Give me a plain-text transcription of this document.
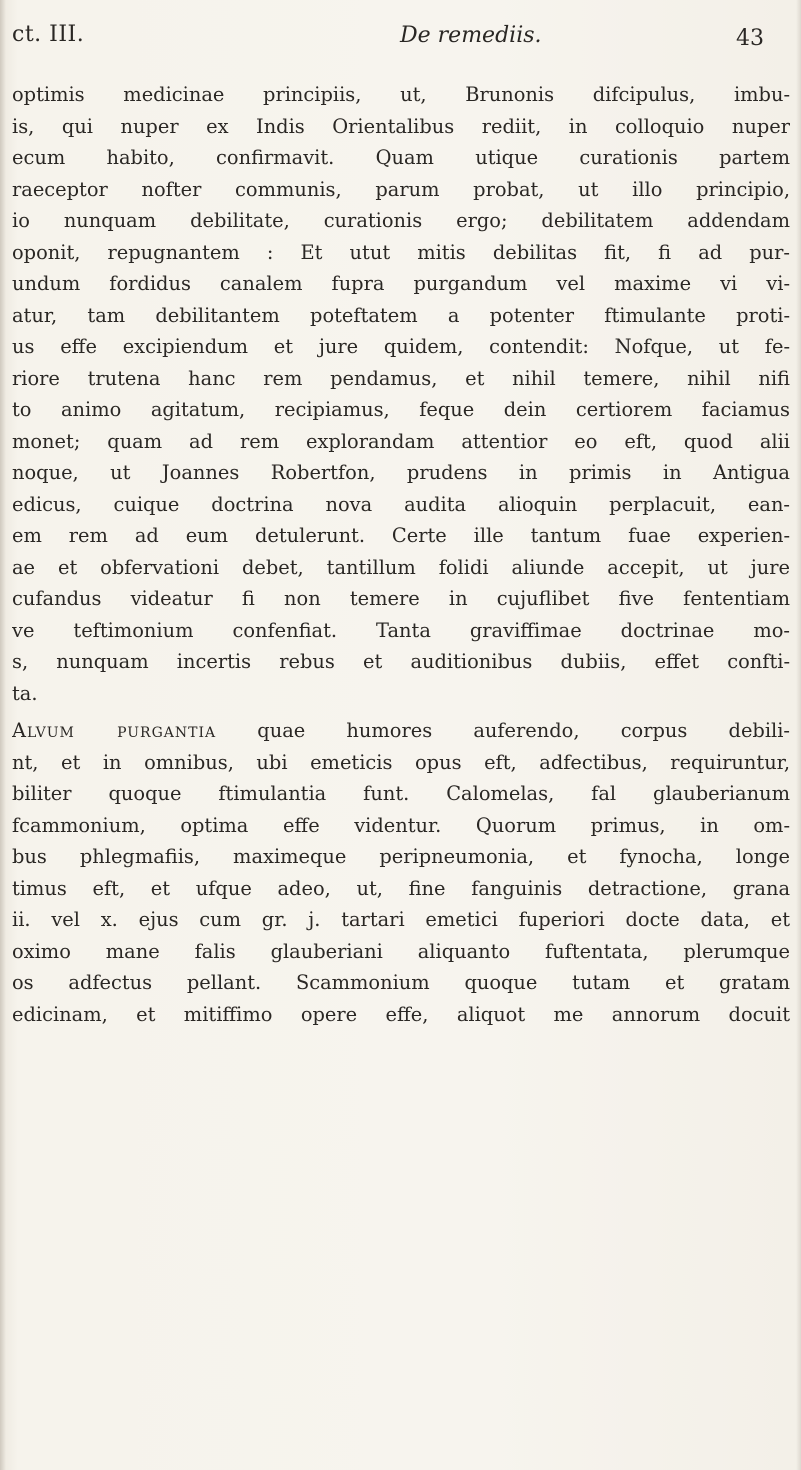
ct. III.	De remediis.	43
optimis medicinae principiis, ut, Brunonis difcipulus, imbu-
is, qui nuper ex Indis Orientalibus rediit, in colloquio nuper
ecum habito, confirmavit. Quam utique curationis partem
raeceptor nofter communis, parum probat, ut illo principio,
io nunquam debilitate, curationis ergo; debilitatem addendam
oponit, repugnantem : Et utut mitis debilitas fit, fi ad pur-
undum fordidus canalem fupra purgandum vel maxime vi vi-
atur, tam debilitantem poteftatem a potenter ftimulante proti-
us effe excipiendum et jure quidem, contendit: Nofque, ut fe-
riore trutena hanc rem pendamus, et nihil temere, nihil nifi
to animo agitatum, recipiamus, feque dein certiorem faciamus
monet; quam ad rem explorandam attentior eo eft, quod alii
noque, ut Joannes Robertfon, prudens in primis in Antigua
edicus, cuique doctrina nova audita alioquin perplacuit, ean-
em rem ad eum detulerunt. Certe ille tantum fuae experien-
ae et obfervationi debet, tantillum folidi aliunde accepit, ut jure
cufandus videatur fi non temere in cujuflibet five fententiam
ve teftimonium confenfiat. Tanta graviffimae doctrinae mo-
s, nunquam incertis rebus et auditionibus dubiis, effet confti-
ta.
Alvum purgantia quae humores auferendo, corpus debili-
nt, et in omnibus, ubi emeticis opus eft, adfectibus, requiruntur,
biliter quoque ftimulantia funt. Calomelas, fal glauberianum
fcammonium, optima effe videntur. Quorum primus, in om-
bus phlegmafiis, maximeque peripneumonia, et fynocha, longe
timus eft, et ufque adeo, ut, fine fanguinis detractione, grana
ii. vel x. ejus cum gr. j. tartari emetici fuperiori docte data, et
oximo mane falis glauberiani aliquanto fuftentata, plerumque
os adfectus pellant. Scammonium quoque tutam et gratam
edicinam, et mitiffimo opere effe, aliquot me annorum docuit
